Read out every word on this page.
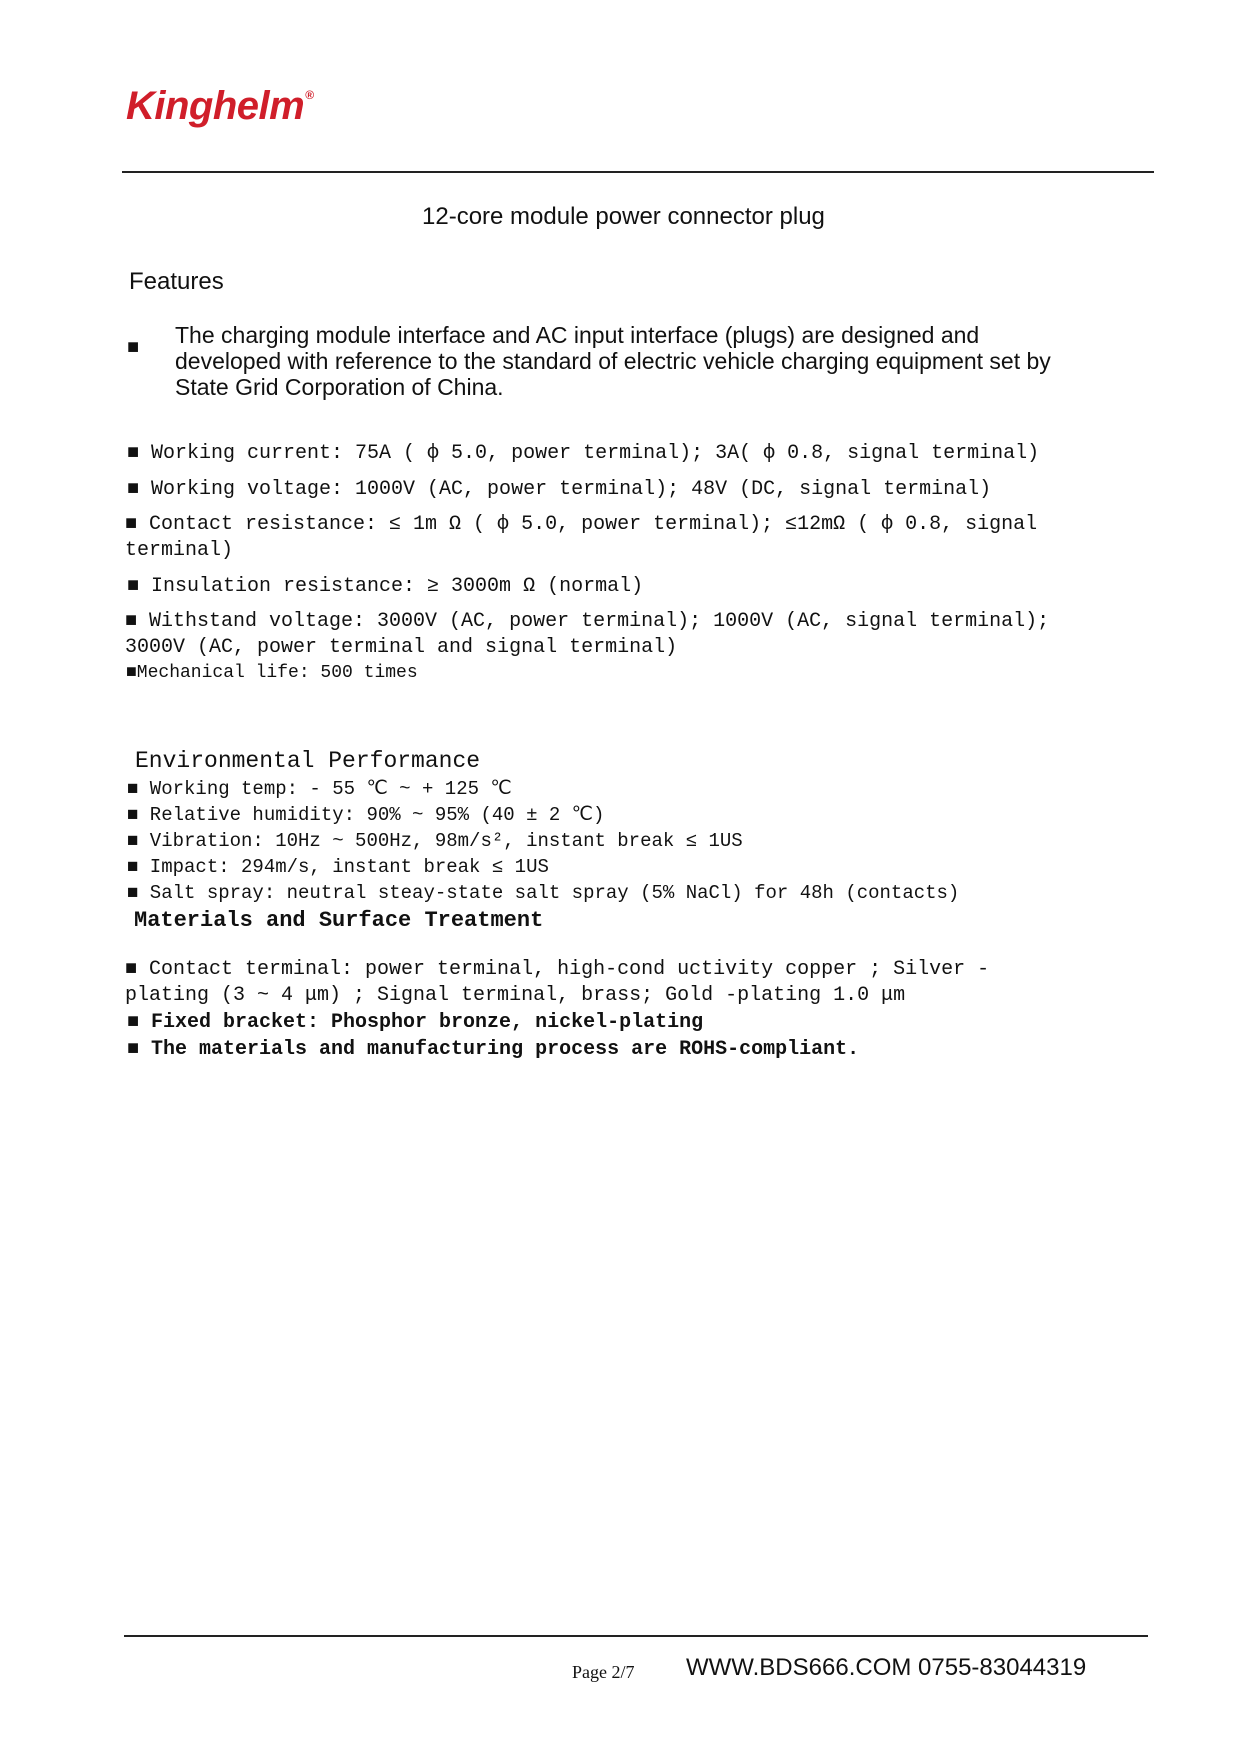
Kinghelm®
12-core module power connector plug
Features
■ The charging module interface and AC input interface (plugs) are designed and developed with reference to the standard of electric vehicle charging equipment set by State Grid Corporation of China.
■ Working current: 75A ( ф 5.0, power terminal); 3A( ф 0.8, signal terminal)
■ Working voltage: 1000V (AC, power terminal); 48V (DC, signal terminal)
■ Contact resistance: ≤ 1m Ω ( ф 5.0, power terminal); ≤12mΩ ( ф 0.8, signal terminal)
■ Insulation resistance: ≥ 3000m Ω (normal)
■ Withstand voltage: 3000V (AC, power terminal); 1000V (AC, signal terminal); 3000V (AC, power terminal and signal terminal)
■Mechanical life: 500 times
Environmental Performance
■ Working temp: - 55 ℃ ~ + 125 ℃
■ Relative humidity: 90% ~ 95% (40 ± 2 ℃)
■ Vibration: 10Hz ~ 500Hz, 98m/s², instant break ≤ 1US
■ Impact: 294m/s, instant break ≤ 1US
■ Salt spray: neutral steay-state salt spray (5% NaCl) for 48h (contacts)
Materials and Surface Treatment
■ Contact terminal: power terminal, high-cond uctivity copper ; Silver -plating (3 ~ 4 μm) ; Signal terminal, brass; Gold -plating 1.0 μm
■ Fixed bracket: Phosphor bronze, nickel-plating
■ The materials and manufacturing process are ROHS-compliant.
Page 2/7 WWW.BDS666.COM 0755-83044319
